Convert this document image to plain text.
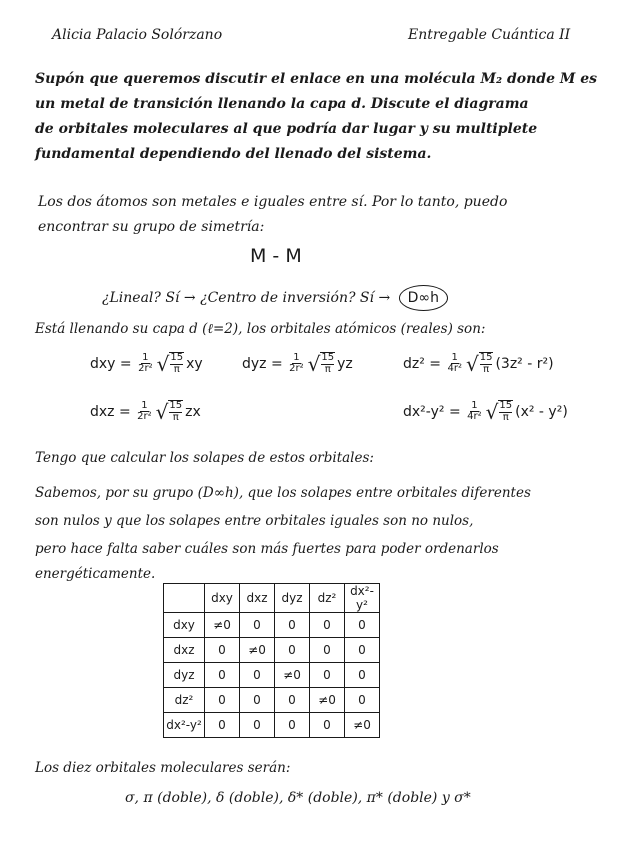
Alicia Palacio Solórzano	Entregable Cuántica II
Supón que queremos discutir el enlace en una molécula M₂ donde M es
un metal de transición llenando la capa d. Discute el diagrama
de orbitales moleculares al que podría dar lugar y su multiplete
fundamental dependiendo del llenado del sistema.
Los dos átomos son metales e iguales entre sí. Por lo tanto, puedo
encontrar su grupo de simetría:
M - M
¿Lineal? Sí → ¿Centro de inversión? Sí → D∞h
Está llenando su capa d (ℓ=2), los orbitales atómicos (reales) son:
dxy = $\frac{1}{\text{2r²}}$ √ $\frac{15}{\pi}$ xy	dyz = $\frac{1}{\text{2r²}}$ √ $\frac{15}{\pi}$ yz	$dz^2 = \frac{1}{\text{4r²}}$ √ $\frac{15}{\pi} (3z^2 - r^2)$
dxz = $\frac{1}{\text{2r²}}$ √ $\frac{15}{\pi}$ zx	$dx^2-y^2 = \frac{1}{\text{4r²}}$ √ $\frac{15}{\pi} (x^2 - y^2)$
Tengo que calcular los solapes de estos orbitales:
Sabemos, por su grupo (D∞h), que los solapes entre orbitales diferentes
son nulos y que los solapes entre orbitales iguales son no nulos,
pero hace falta saber cuáles son más fuertes para poder ordenarlos
energéticamente.
	dxy	dxz	dyz	dz²	dx²-y²
dxy	≠0	0	0	0	0
dxz	0	≠0	0	0	0
dyz	0	0	≠0	0	0
dz²	0	0	0	≠0	0
dx²-y²	0	0	0	0	≠0
Los diez orbitales moleculares serán:
σ, π (doble), δ (doble), δ* (doble), π* (doble) y σ*
